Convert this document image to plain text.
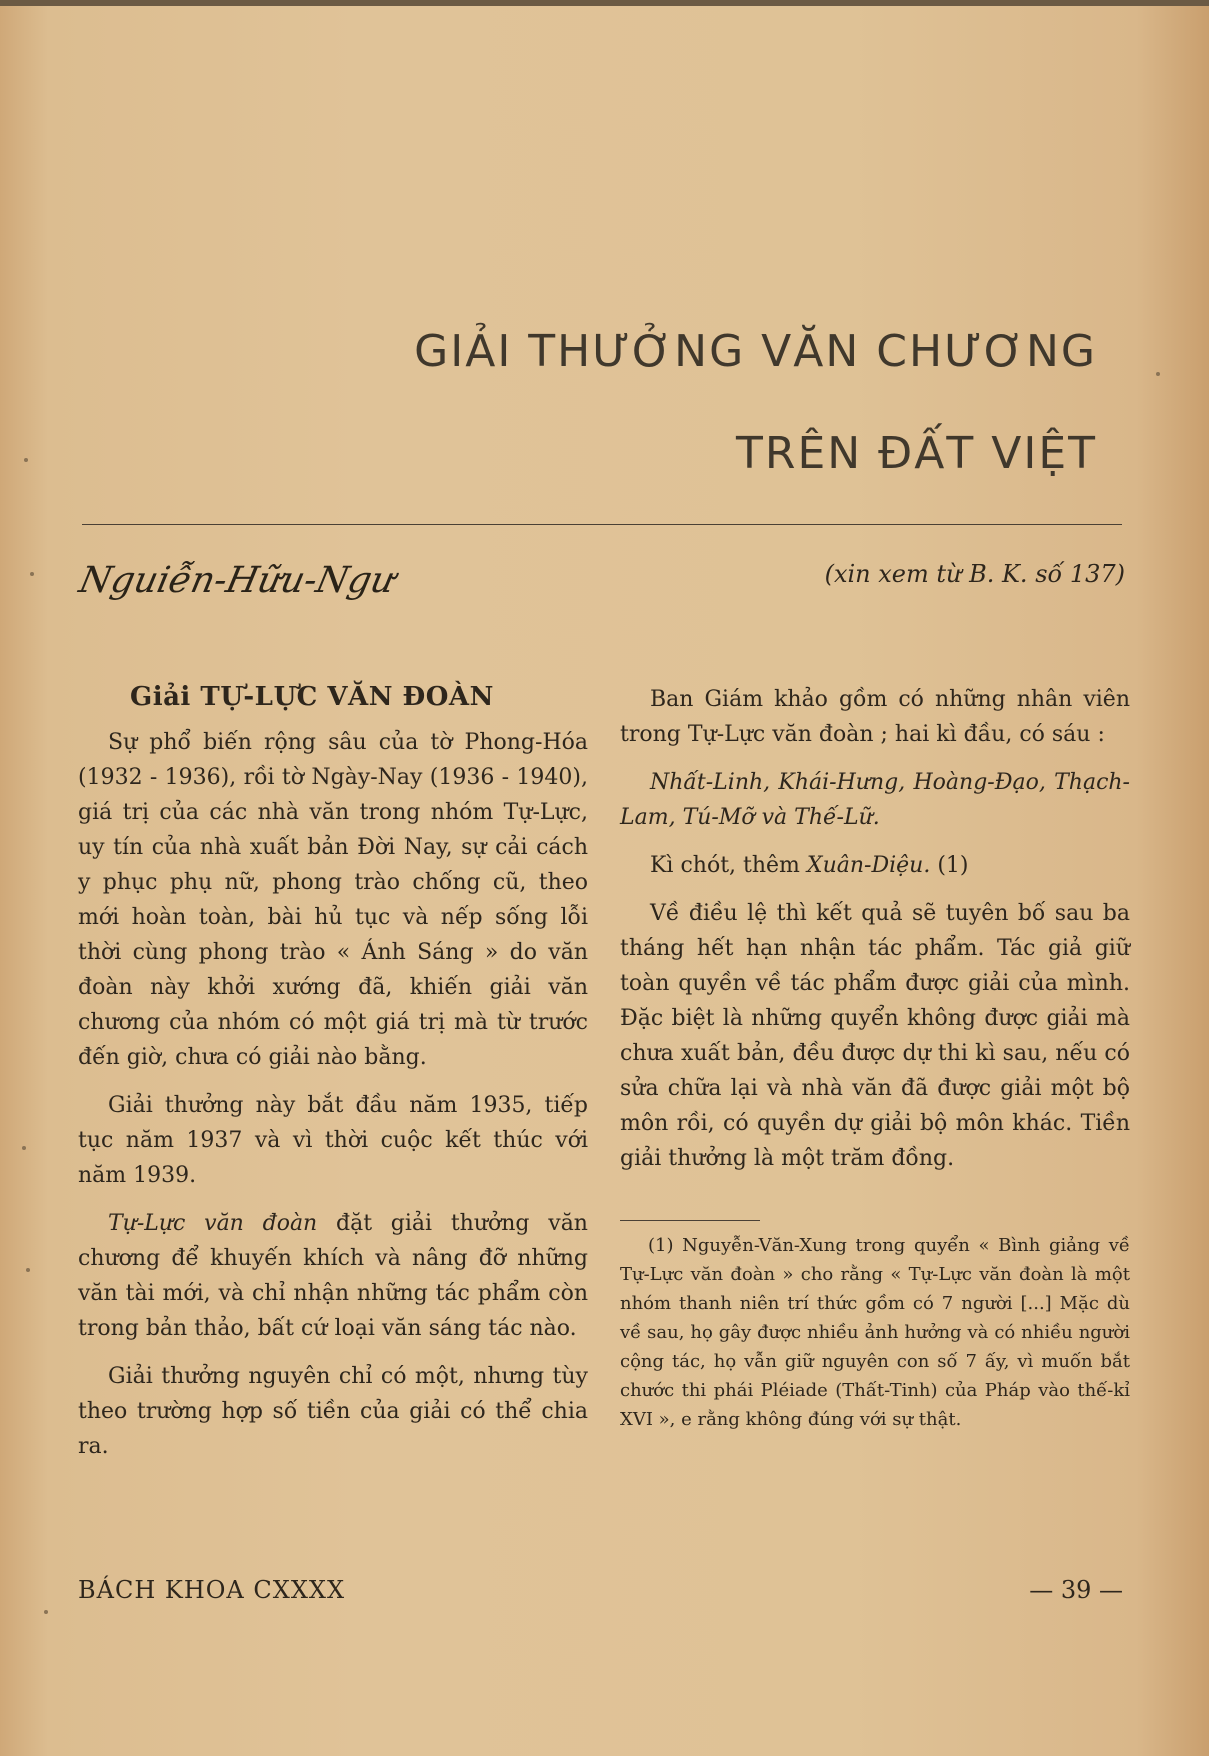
GIẢI THƯỞNG VĂN CHƯƠNG
TRÊN ĐẤT VIỆT
Nguiễn-Hữu-Ngư	(xin xem từ B. K. số 137)
Giải TỰ-LỰC VĂN ĐOÀN

Sự phổ biến rộng sâu của tờ Phong-Hóa (1932 - 1936), rồi tờ Ngày-Nay (1936 - 1940), giá trị của các nhà văn trong nhóm Tự-Lực, uy tín của nhà xuất bản Đời Nay, sự cải cách y phục phụ nữ, phong trào chống cũ, theo mới hoàn toàn, bài hủ tục và nếp sống lỗi thời cùng phong trào « Ánh Sáng » do văn đoàn này khởi xướng đã, khiến giải văn chương của nhóm có một giá trị mà từ trước đến giờ, chưa có giải nào bằng.

Giải thưởng này bắt đầu năm 1935, tiếp tục năm 1937 và vì thời cuộc kết thúc với năm 1939.

Tự-Lực văn đoàn đặt giải thưởng văn chương để khuyến khích và nâng đỡ những văn tài mới, và chỉ nhận những tác phẩm còn trong bản thảo, bất cứ loại văn sáng tác nào.

Giải thưởng nguyên chỉ có một, nhưng tùy theo trường hợp số tiền của giải có thể chia ra.

Ban Giám khảo gồm có những nhân viên trong Tự-Lực văn đoàn ; hai kì đầu, có sáu :

Nhất-Linh, Khái-Hưng, Hoàng-Đạo, Thạch-Lam, Tú-Mỡ và Thế-Lữ.

Kì chót, thêm Xuân-Diệu. (1)

Về điều lệ thì kết quả sẽ tuyên bố sau ba tháng hết hạn nhận tác phẩm. Tác giả giữ toàn quyền về tác phẩm được giải của mình. Đặc biệt là những quyển không được giải mà chưa xuất bản, đều được dự thi kì sau, nếu có sửa chữa lại và nhà văn đã được giải một bộ môn rồi, có quyền dự giải bộ môn khác. Tiền giải thưởng là một trăm đồng.

(1) Nguyễn-Văn-Xung trong quyển « Bình giảng về Tự-Lực văn đoàn » cho rằng « Tự-Lực văn đoàn là một nhóm thanh niên trí thức gồm có 7 người [...] Mặc dù về sau, họ gây được nhiều ảnh hưởng và có nhiều người cộng tác, họ vẫn giữ nguyên con số 7 ấy, vì muốn bắt chước thi phái Pléiade (Thất-Tinh) của Pháp vào thế-kỉ XVI », e rằng không đúng với sự thật.

BÁCH KHOA CXXXX	— 39 —
